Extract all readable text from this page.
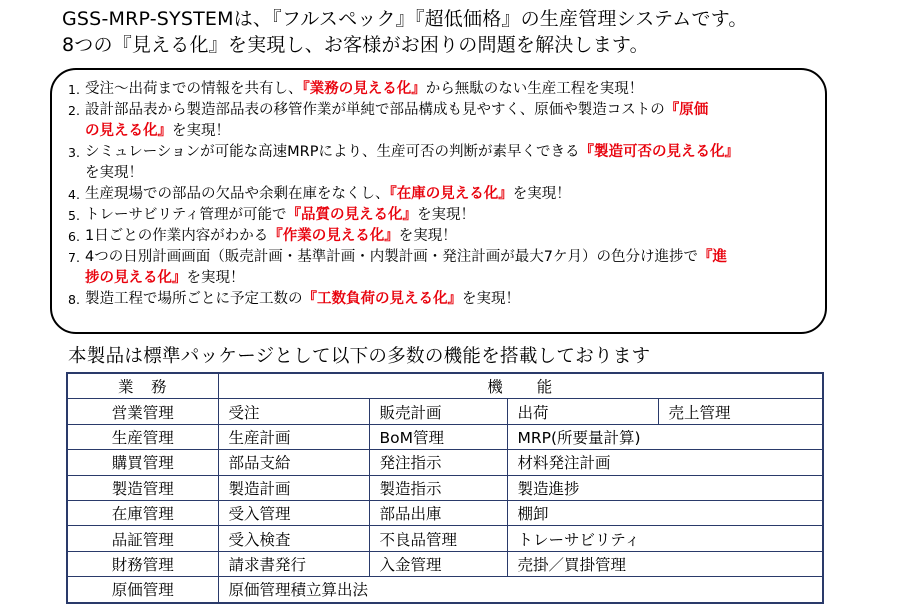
GSS-MRP-SYSTEMは、『フルスペック』『超低価格』の生産管理システムです。
8つの『見える化』を実現し、お客様がお困りの問題を解決します。
1. 受注～出荷までの情報を共有し、『業務の見える化』から無駄のない生産工程を実現！
2. 設計部品表から製造部品表の移管作業が単純で部品構成も見やすく、原価や製造コストの『原価
の見える化』を実現！
3. シミュレーションが可能な高速MRPにより、生産可否の判断が素早くできる『製造可否の見える化』
を実現！
4. 生産現場での部品の欠品や余剰在庫をなくし、『在庫の見える化』を実現！
5. トレーサビリティ管理が可能で『品質の見える化』を実現！
6. 1日ごとの作業内容がわかる『作業の見える化』を実現！
7. 4つの日別計画画面（販売計画・基準計画・内製計画・発注計画が最大7ケ月）の色分け進捗で『進
捗の見える化』を実現！
8. 製造工程で場所ごとに予定工数の『工数負荷の見える化』を実現！
本製品は標準パッケージとして以下の多数の機能を搭載しております
業　務	機　　能			
営業管理	受注	販売計画	出荷	売上管理
生産管理	生産計画	BoM管理	MRP(所要量計算)	
購買管理	部品支給	発注指示	材料発注計画	
製造管理	製造計画	製造指示	製造進捗	
在庫管理	受入管理	部品出庫	棚卸	
品証管理	受入検査	不良品管理	トレーサビリティ	
財務管理	請求書発行	入金管理	売掛／買掛管理	
原価管理	原価管理積立算出法			
